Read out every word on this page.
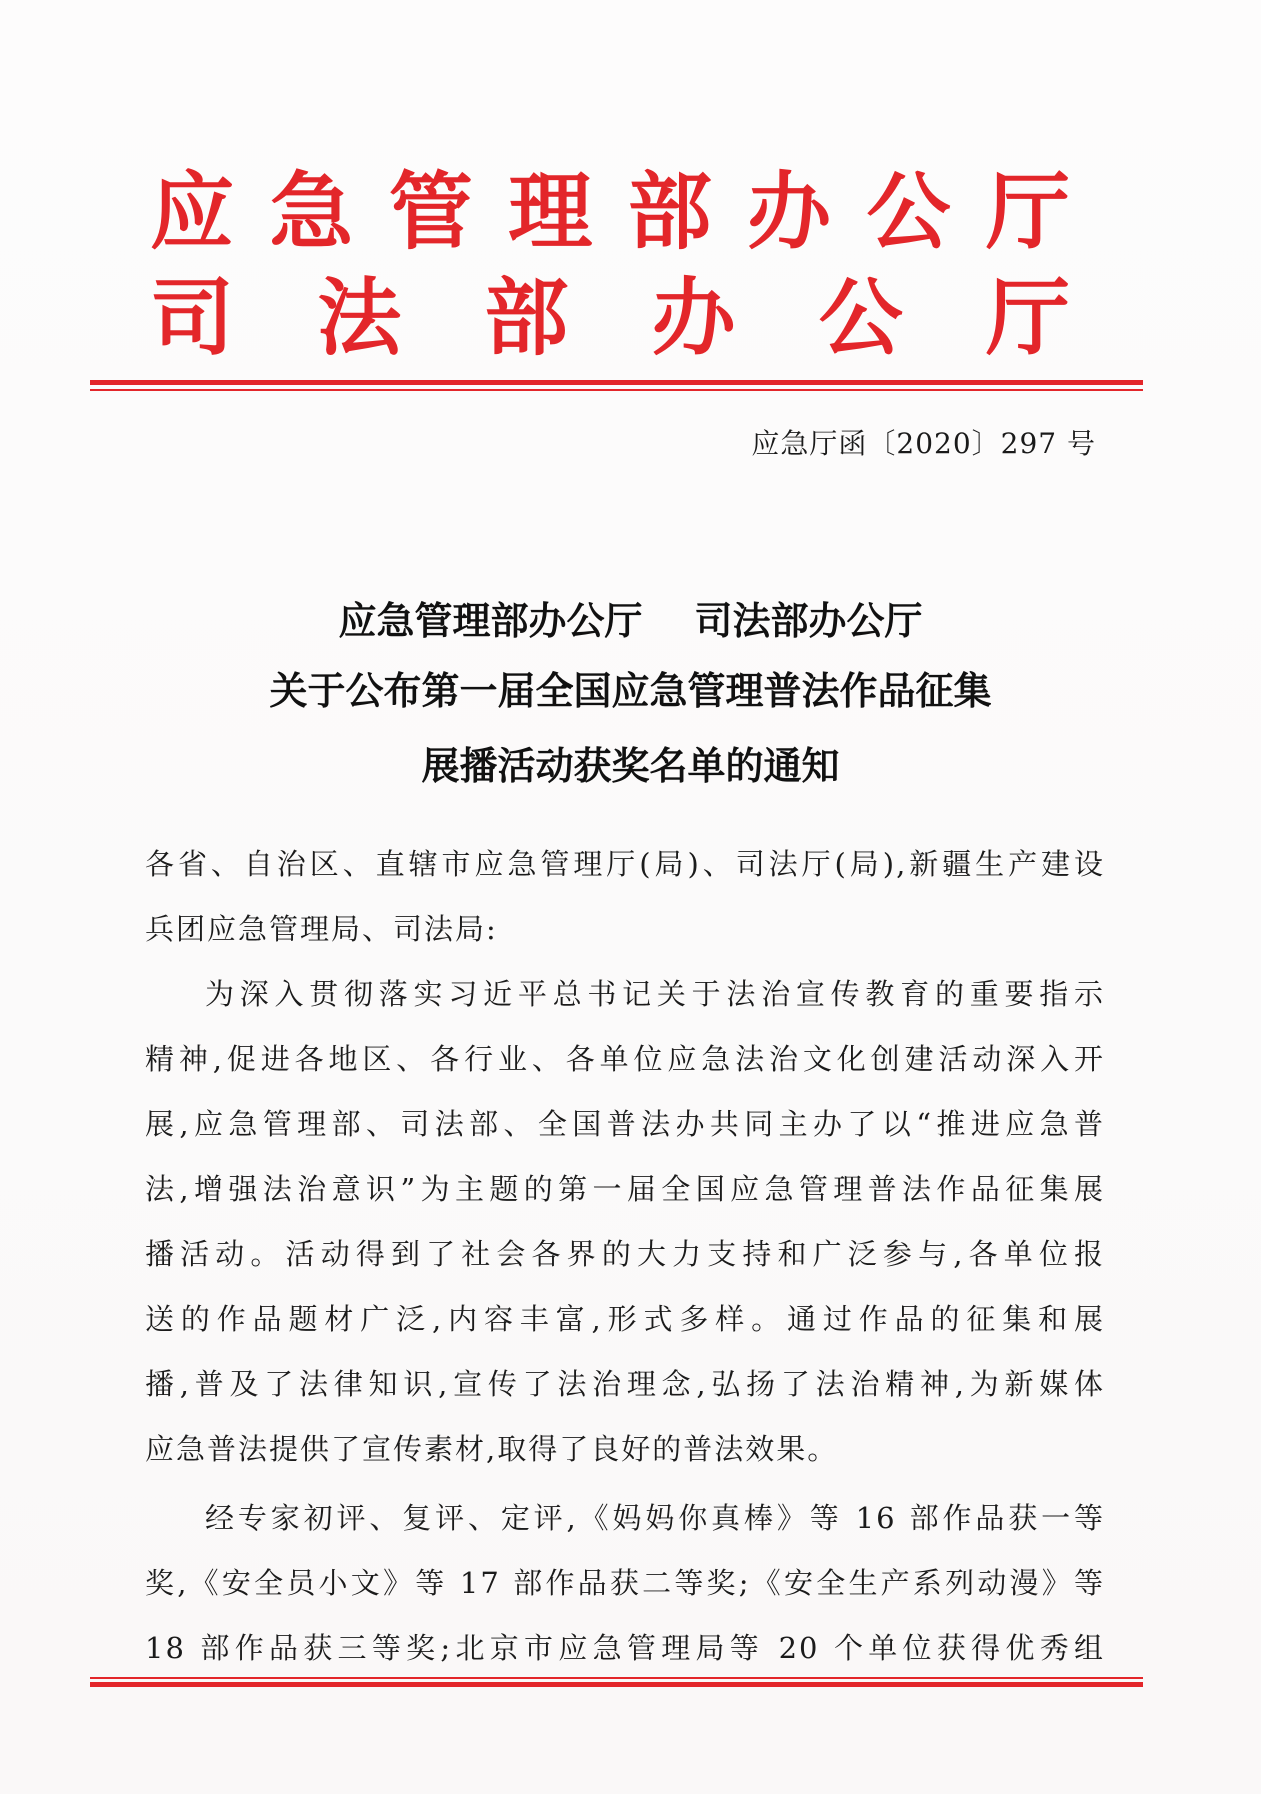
应 急 管 理 部 办 公 厅
司 法 部 办 公 厅
应急厅函〔2020〕297 号
应急管理部办公厅 司法部办公厅
关于公布第一届全国应急管理普法作品征集
展播活动获奖名单的通知

各省、自治区、直辖市应急管理厅(局)、司法厅(局),新疆生产建设

兵团应急管理局、司法局:

为深入贯彻落实习近平总书记关于法治宣传教育的重要指示

精神,促进各地区、各行业、各单位应急法治文化创建活动深入开

展,应急管理部、司法部、全国普法办共同主办了以“推进应急普

法,增强法治意识”为主题的第一届全国应急管理普法作品征集展

播活动。活动得到了社会各界的大力支持和广泛参与,各单位报

送的作品题材广泛,内容丰富,形式多样。通过作品的征集和展

播,普及了法律知识,宣传了法治理念,弘扬了法治精神,为新媒体

应急普法提供了宣传素材,取得了良好的普法效果。

经专家初评、复评、定评,《妈妈你真棒》等 16 部作品获一等

奖,《安全员小文》等 17 部作品获二等奖;《安全生产系列动漫》等

18 部作品获三等奖;北京市应急管理局等 20 个单位获得优秀组
